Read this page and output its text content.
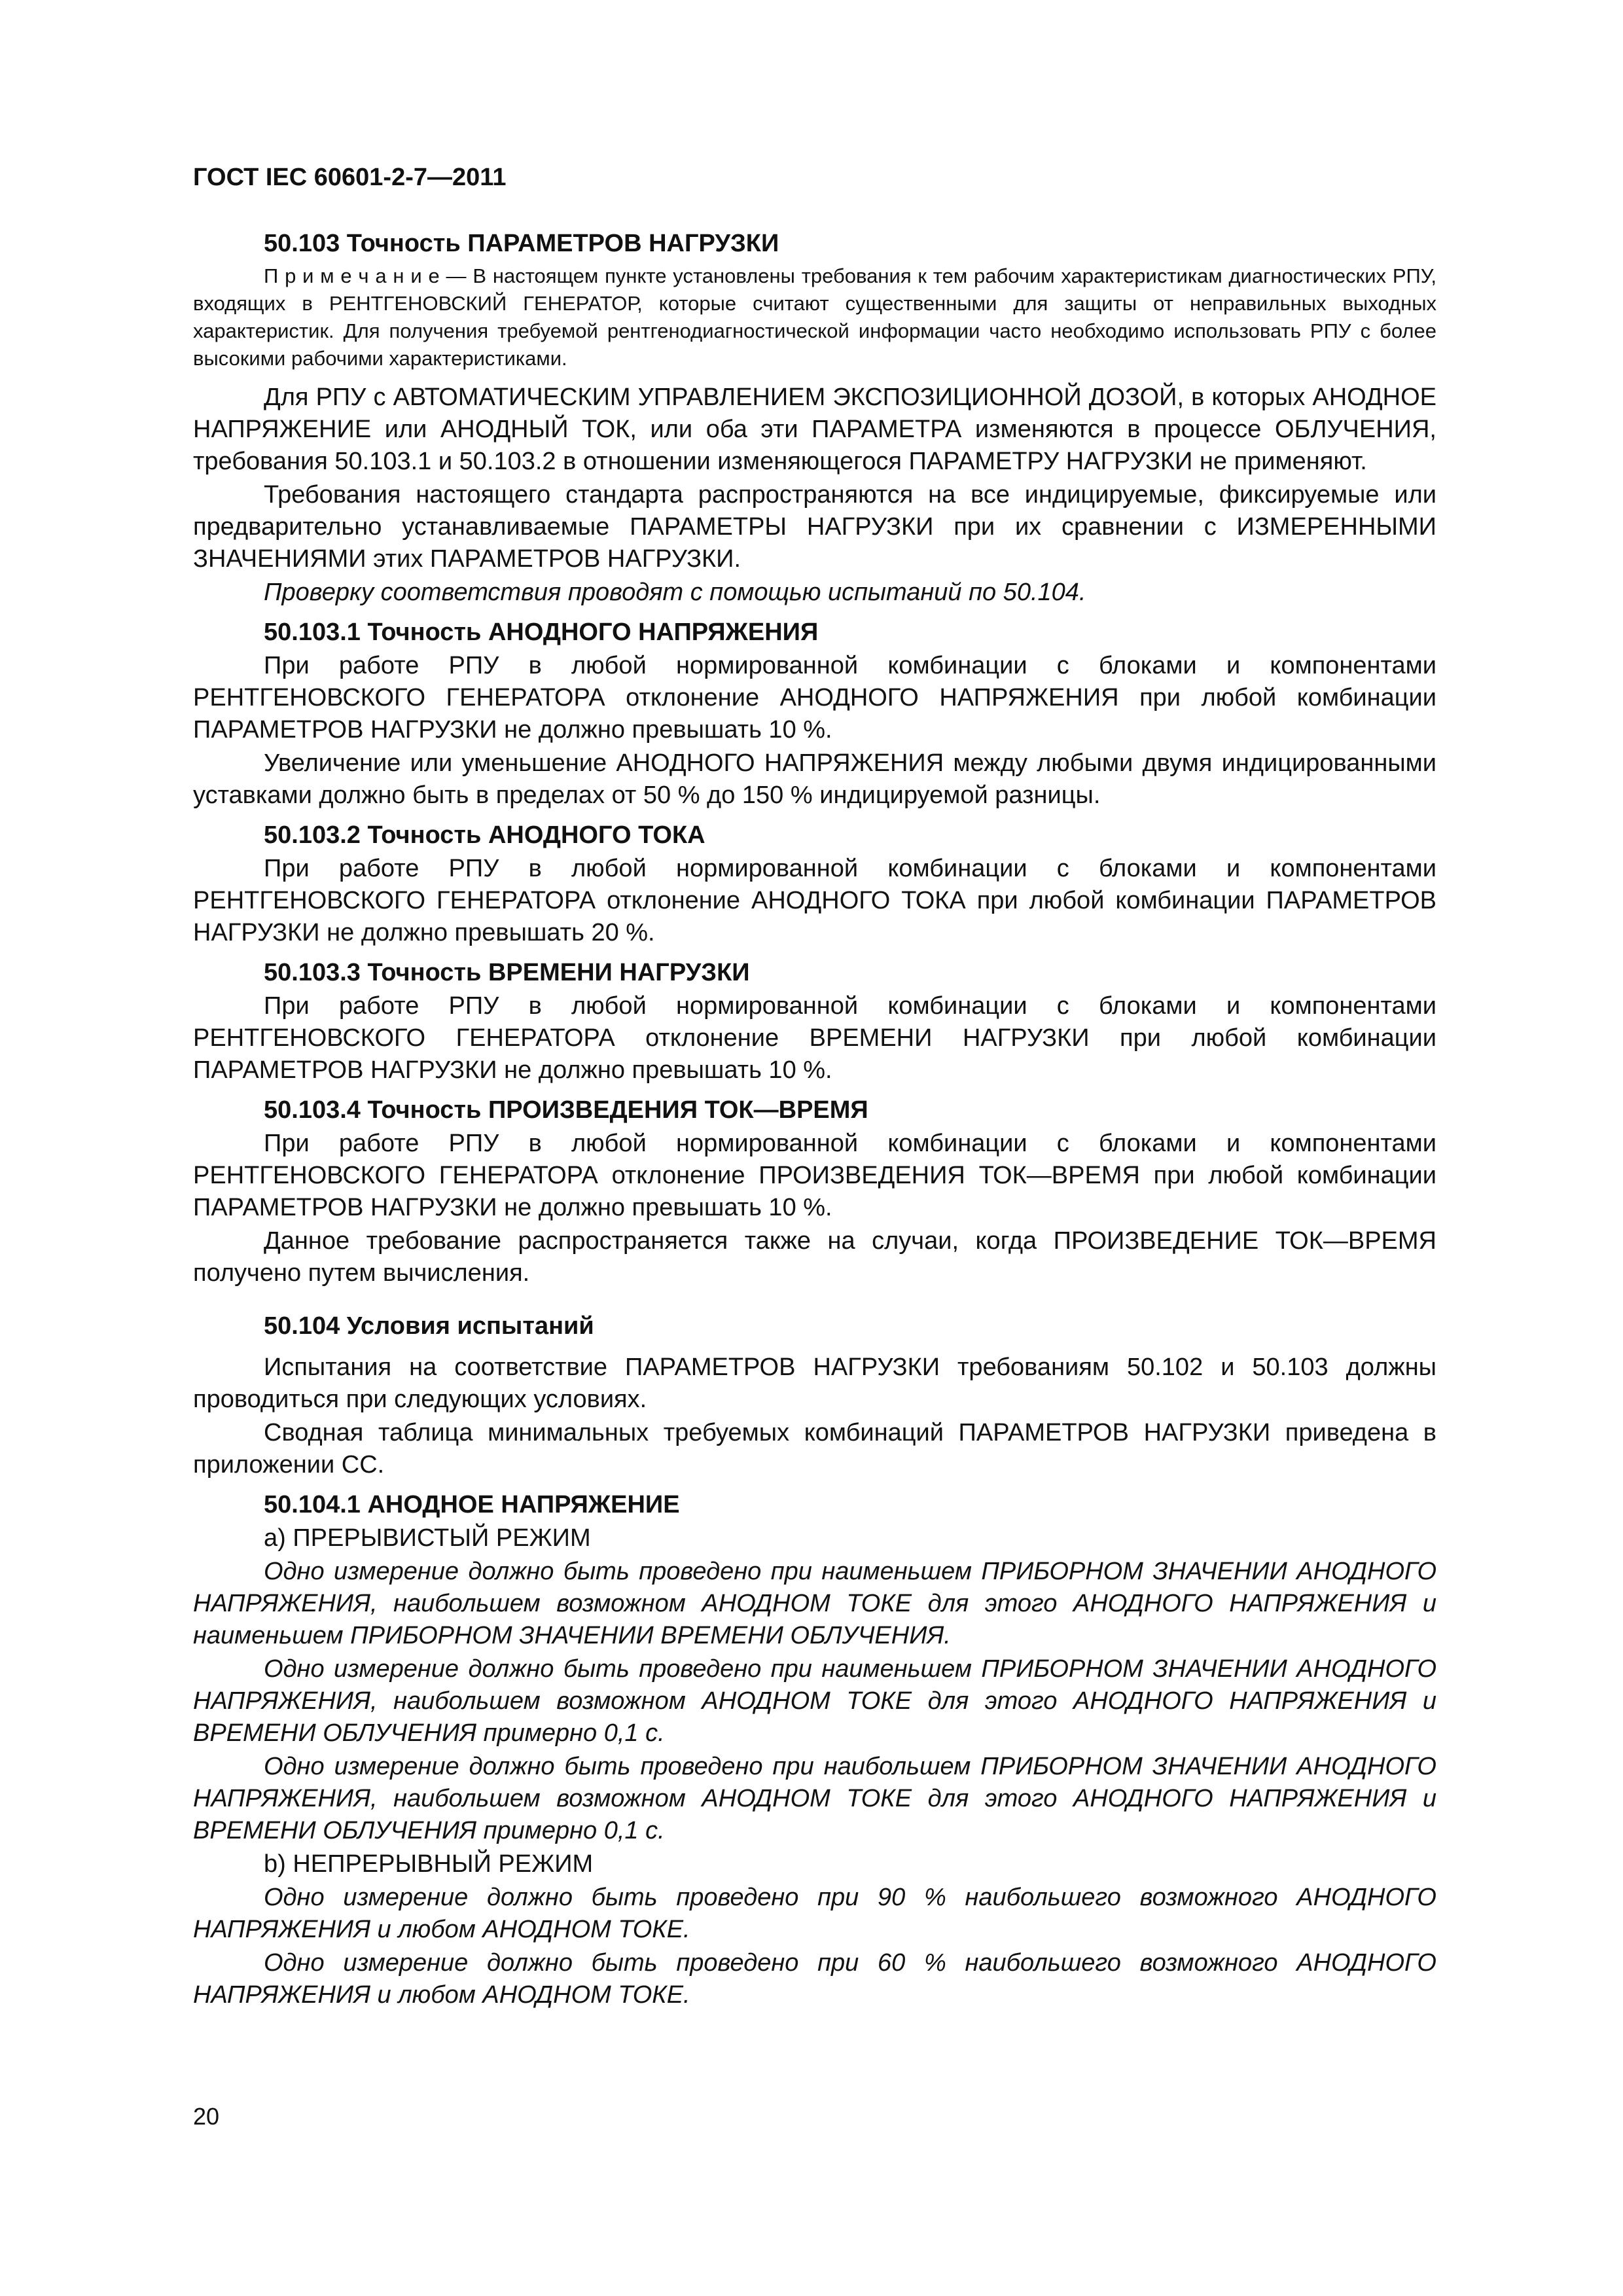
ГОСТ IEC 60601-2-7—2011

50.103 Точность ПАРАМЕТРОВ НАГРУЗКИ

П р и м е ч а н и е — В настоящем пункте установлены требования к тем рабочим характеристикам диагностических РПУ, входящих в РЕНТГЕНОВСКИЙ ГЕНЕРАТОР, которые считают существенными для защиты от неправильных выходных характеристик. Для получения требуемой рентгенодиагностической информации часто необходимо использовать РПУ с более высокими рабочими характеристиками.

Для РПУ с АВТОМАТИЧЕСКИМ УПРАВЛЕНИЕМ ЭКСПОЗИЦИОННОЙ ДОЗОЙ, в которых АНОДНОЕ НАПРЯЖЕНИЕ или АНОДНЫЙ ТОК, или оба эти ПАРАМЕТРА изменяются в процессе ОБЛУЧЕНИЯ, требования 50.103.1 и 50.103.2 в отношении изменяющегося ПАРАМЕТРУ НАГРУЗКИ не применяют.

Требования настоящего стандарта распространяются на все индицируемые, фиксируемые или предварительно устанавливаемые ПАРАМЕТРЫ НАГРУЗКИ при их сравнении с ИЗМЕРЕННЫМИ ЗНАЧЕНИЯМИ этих ПАРАМЕТРОВ НАГРУЗКИ.

Проверку соответствия проводят с помощью испытаний по 50.104.

50.103.1 Точность АНОДНОГО НАПРЯЖЕНИЯ

При работе РПУ в любой нормированной комбинации с блоками и компонентами РЕНТГЕНОВСКОГО ГЕНЕРАТОРА отклонение АНОДНОГО НАПРЯЖЕНИЯ при любой комбинации ПАРАМЕТРОВ НАГРУЗКИ не должно превышать 10 %.

Увеличение или уменьшение АНОДНОГО НАПРЯЖЕНИЯ между любыми двумя индицированными уставками должно быть в пределах от 50 % до 150 % индицируемой разницы.

50.103.2 Точность АНОДНОГО ТОКА

При работе РПУ в любой нормированной комбинации с блоками и компонентами РЕНТГЕНОВСКОГО ГЕНЕРАТОРА отклонение АНОДНОГО ТОКА при любой комбинации ПАРАМЕТРОВ НАГРУЗКИ не должно превышать 20 %.

50.103.3 Точность ВРЕМЕНИ НАГРУЗКИ

При работе РПУ в любой нормированной комбинации с блоками и компонентами РЕНТГЕНОВСКОГО ГЕНЕРАТОРА отклонение ВРЕМЕНИ НАГРУЗКИ при любой комбинации ПАРАМЕТРОВ НАГРУЗКИ не должно превышать 10 %.

50.103.4 Точность ПРОИЗВЕДЕНИЯ ТОК—ВРЕМЯ

При работе РПУ в любой нормированной комбинации с блоками и компонентами РЕНТГЕНОВСКОГО ГЕНЕРАТОРА отклонение ПРОИЗВЕДЕНИЯ ТОК—ВРЕМЯ при любой комбинации ПАРАМЕТРОВ НАГРУЗКИ не должно превышать 10 %.

Данное требование распространяется также на случаи, когда ПРОИЗВЕДЕНИЕ ТОК—ВРЕМЯ получено путем вычисления.

50.104 Условия испытаний

Испытания на соответствие ПАРАМЕТРОВ НАГРУЗКИ требованиям 50.102 и 50.103 должны проводиться при следующих условиях.

Сводная таблица минимальных требуемых комбинаций ПАРАМЕТРОВ НАГРУЗКИ приведена в приложении СС.

50.104.1 АНОДНОЕ НАПРЯЖЕНИЕ

a) ПРЕРЫВИСТЫЙ РЕЖИМ

Одно измерение должно быть проведено при наименьшем ПРИБОРНОМ ЗНАЧЕНИИ АНОДНОГО НАПРЯЖЕНИЯ, наибольшем возможном АНОДНОМ ТОКЕ для этого АНОДНОГО НАПРЯЖЕНИЯ и наименьшем ПРИБОРНОМ ЗНАЧЕНИИ ВРЕМЕНИ ОБЛУЧЕНИЯ.

Одно измерение должно быть проведено при наименьшем ПРИБОРНОМ ЗНАЧЕНИИ АНОДНОГО НАПРЯЖЕНИЯ, наибольшем возможном АНОДНОМ ТОКЕ для этого АНОДНОГО НАПРЯЖЕНИЯ и ВРЕМЕНИ ОБЛУЧЕНИЯ примерно 0,1 с.

Одно измерение должно быть проведено при наибольшем ПРИБОРНОМ ЗНАЧЕНИИ АНОДНОГО НАПРЯЖЕНИЯ, наибольшем возможном АНОДНОМ ТОКЕ для этого АНОДНОГО НАПРЯЖЕНИЯ и ВРЕМЕНИ ОБЛУЧЕНИЯ примерно 0,1 с.

b) НЕПРЕРЫВНЫЙ РЕЖИМ

Одно измерение должно быть проведено при 90 % наибольшего возможного АНОДНОГО НАПРЯЖЕНИЯ и любом АНОДНОМ ТОКЕ.

Одно измерение должно быть проведено при 60 % наибольшего возможного АНОДНОГО НАПРЯЖЕНИЯ и любом АНОДНОМ ТОКЕ.

20
